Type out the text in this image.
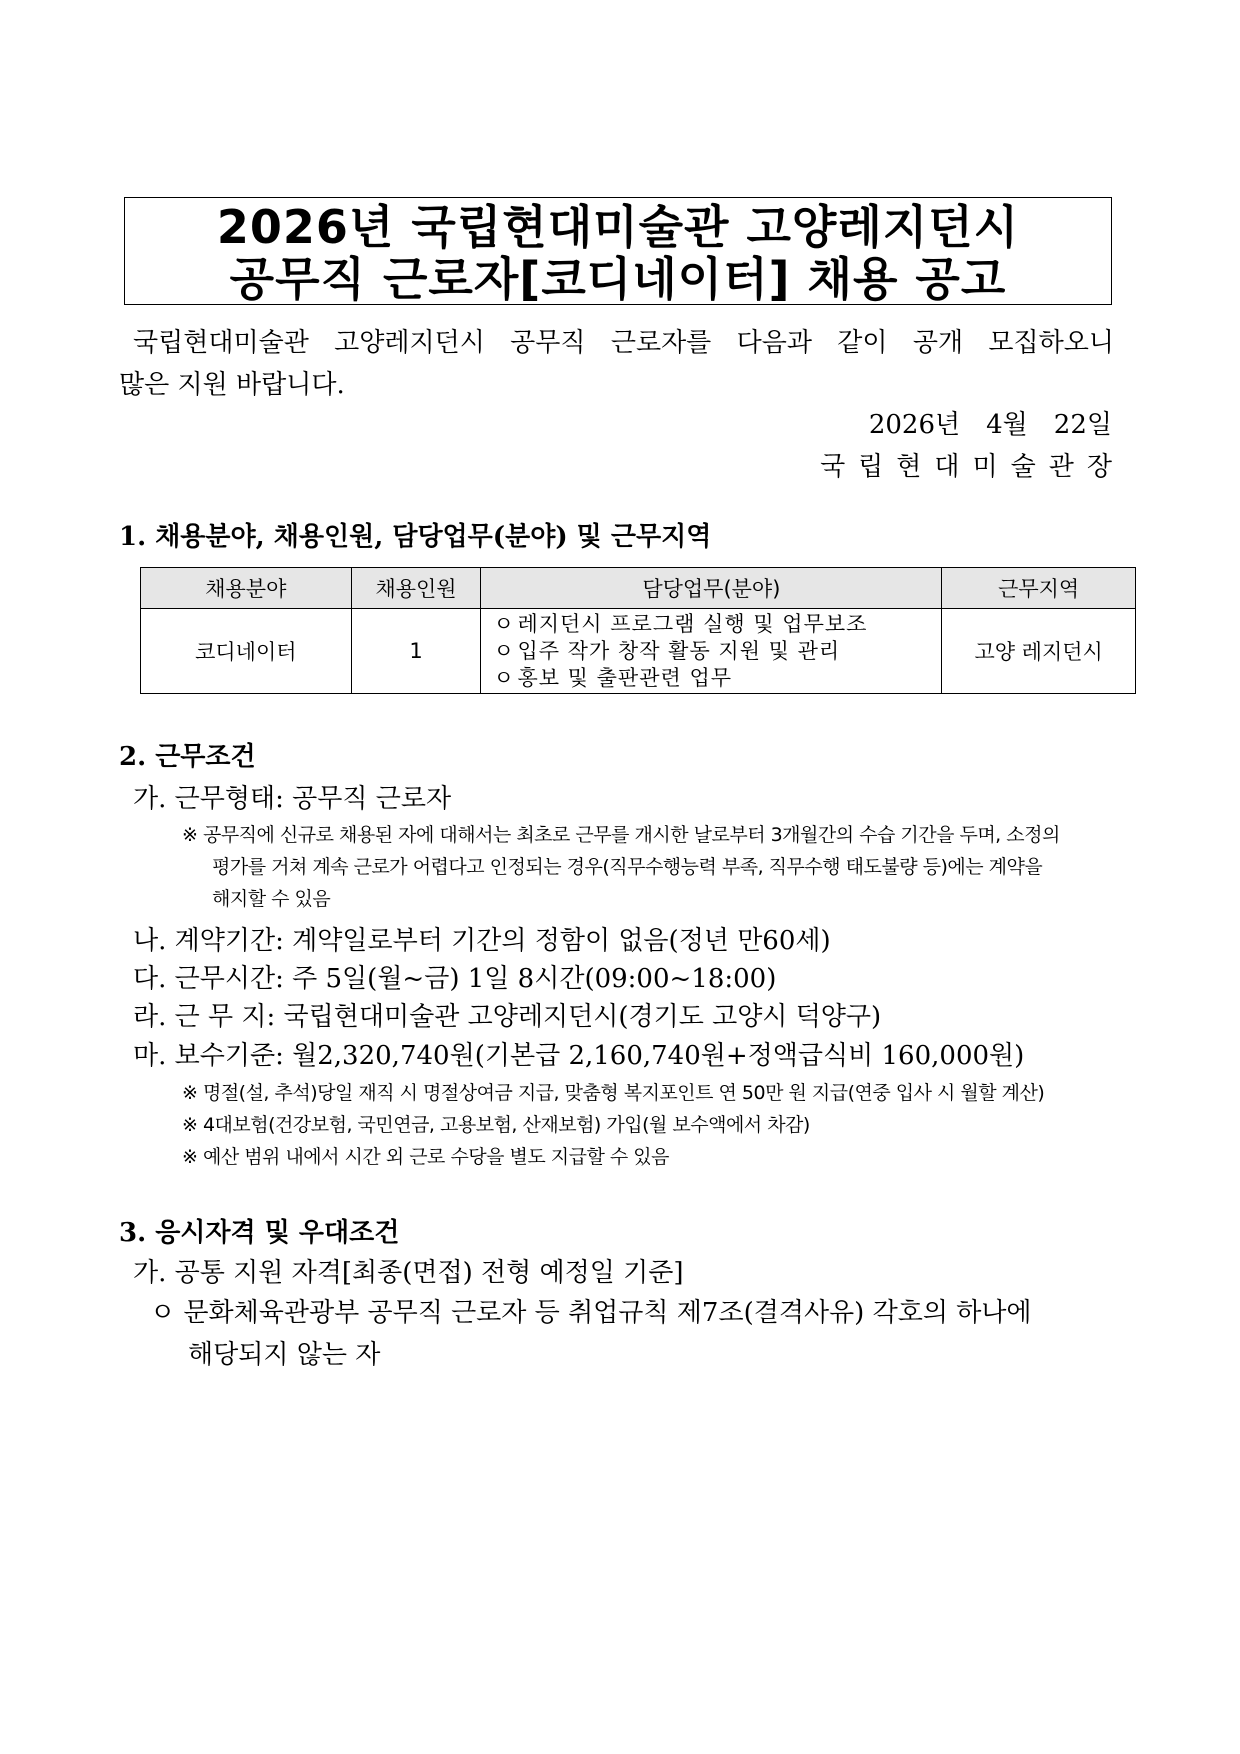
2026년 국립현대미술관 고양레지던시
공무직 근로자[코디네이터] 채용 공고
국립현대미술관 고양레지던시 공무직 근로자를 다음과 같이 공개 모집하오니
많은 지원 바랍니다.
2026년 4월 22일
국립현대미술관장
1. 채용분야, 채용인원, 담당업무(분야) 및 근무지역
채용분야	채용인원	담당업무(분야)	근무지역
코디네이터	1	ㅇ 레지던시 프로그램 실행 및 업무보조
ㅇ 입주 작가 창작 활동 지원 및 관리
ㅇ 홍보 및 출판관련 업무	고양 레지던시
2. 근무조건
가. 근무형태: 공무직 근로자
※ 공무직에 신규로 채용된 자에 대해서는 최초로 근무를 개시한 날로부터 3개월간의 수습 기간을 두며, 소정의
평가를 거쳐 계속 근로가 어렵다고 인정되는 경우(직무수행능력 부족, 직무수행 태도불량 등)에는 계약을
해지할 수 있음
나. 계약기간: 계약일로부터 기간의 정함이 없음(정년 만60세)
다. 근무시간: 주 5일(월~금) 1일 8시간(09:00~18:00)
라. 근 무 지: 국립현대미술관 고양레지던시(경기도 고양시 덕양구)
마. 보수기준: 월2,320,740원(기본급 2,160,740원+정액급식비 160,000원)
※ 명절(설, 추석)당일 재직 시 명절상여금 지급, 맞춤형 복지포인트 연 50만 원 지급(연중 입사 시 월할 계산)
※ 4대보험(건강보험, 국민연금, 고용보험, 산재보험) 가입(월 보수액에서 차감)
※ 예산 범위 내에서 시간 외 근로 수당을 별도 지급할 수 있음
3. 응시자격 및 우대조건
가. 공통 지원 자격[최종(면접) 전형 예정일 기준]
ㅇ 문화체육관광부 공무직 근로자 등 취업규칙 제7조(결격사유) 각호의 하나에
해당되지 않는 자
